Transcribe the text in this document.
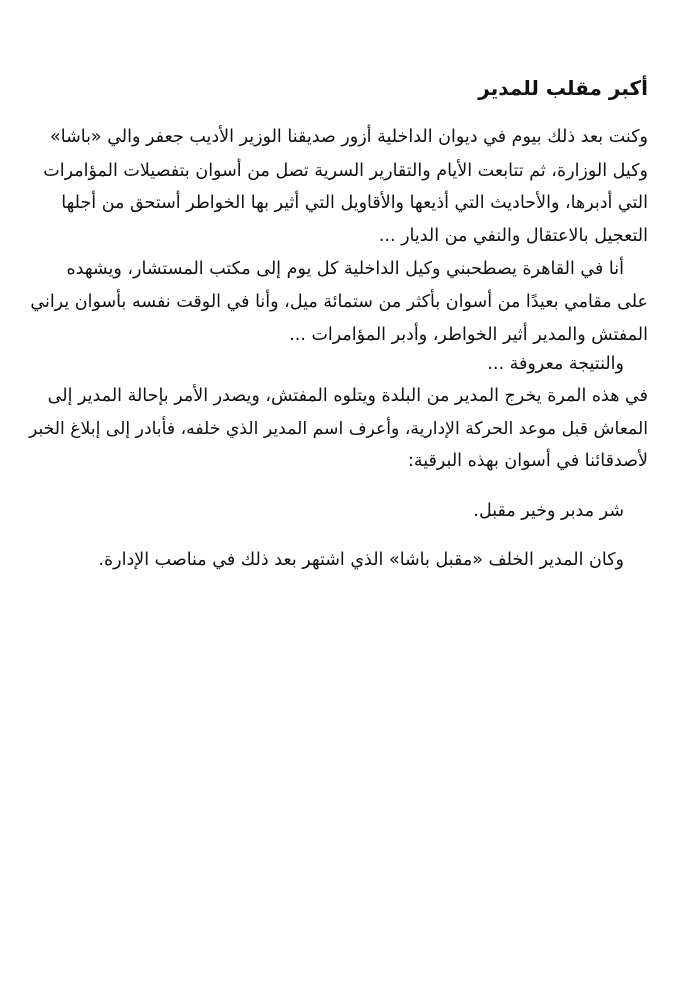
أكبر مقلب للمدير

وكنت بعد ذلك بيوم في ديوان الداخلية أزور صديقنا الوزير الأديب جعفر والي «باشا»

وكيل الوزارة، ثم تتابعت الأيام والتقارير السرية تصل من أسوان بتفصيلات المؤامرات

التي أدبرها، والأحاديث التي أذيعها والأقاويل التي أثير بها الخواطر أستحق من أجلها

التعجيل بالاعتقال والنفي من الديار ...

أنا في القاهرة يصطحبني وكيل الداخلية كل يوم إلى مكتب المستشار، ويشهده

على مقامي بعيدًا من أسوان بأكثر من ستمائة ميل، وأنا في الوقت نفسه بأسوان يراني

المفتش والمدير أثير الخواطر، وأدبر المؤامرات ...

والنتيجة معروفة ...

في هذه المرة يخرج المدير من البلدة ويتلوه المفتش، ويصدر الأمر بإحالة المدير إلى

المعاش قبل موعد الحركة الإدارية، وأعرف اسم المدير الذي خلفه، فأبادر إلى إبلاغ الخبر

لأصدقائنا في أسوان بهذه البرقية:

شر مدبر وخير مقبل.

وكان المدير الخلف «مقبل باشا» الذي اشتهر بعد ذلك في مناصب الإدارة.
